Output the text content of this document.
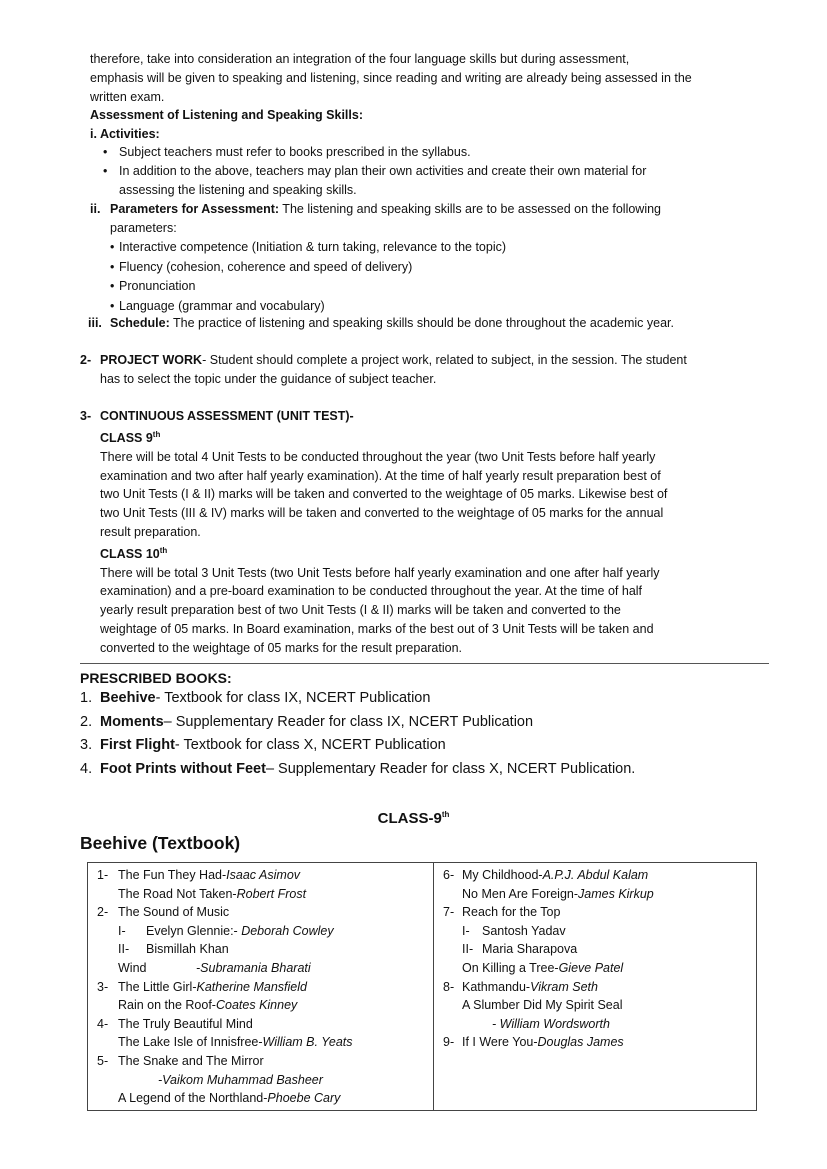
therefore, take into consideration an integration of the four language skills but during assessment,
emphasis will be given to speaking and listening, since reading and writing are already being assessed in the
written exam.
Assessment of Listening and Speaking Skills:
i. Activities:
• Subject teachers must refer to books prescribed in the syllabus.
• In addition to the above, teachers may plan their own activities and create their own material for
assessing the listening and speaking skills.
ii. Parameters for Assessment: The listening and speaking skills are to be assessed on the following
parameters:
• Interactive competence (Initiation & turn taking, relevance to the topic)
• Fluency (cohesion, coherence and speed of delivery)
• Pronunciation
• Language (grammar and vocabulary)
iii. Schedule: The practice of listening and speaking skills should be done throughout the academic year.
2- PROJECT WORK- Student should complete a project work, related to subject, in the session. The student
has to select the topic under the guidance of subject teacher.
3- CONTINUOUS ASSESSMENT (UNIT TEST)-
CLASS 9th
There will be total 4 Unit Tests to be conducted throughout the year (two Unit Tests before half yearly
examination and two after half yearly examination). At the time of half yearly result preparation best of
two Unit Tests (I & II) marks will be taken and converted to the weightage of 05 marks. Likewise best of
two Unit Tests (III & IV) marks will be taken and converted to the weightage of 05 marks for the annual
result preparation.
CLASS 10th
There will be total 3 Unit Tests (two Unit Tests before half yearly examination and one after half yearly
examination) and a pre-board examination to be conducted throughout the year. At the time of half
yearly result preparation best of two Unit Tests (I & II) marks will be taken and converted to the
weightage of 05 marks. In Board examination, marks of the best out of 3 Unit Tests will be taken and
converted to the weightage of 05 marks for the result preparation.
PRESCRIBED BOOKS:
1. Beehive- Textbook for class IX, NCERT Publication
2. Moments– Supplementary Reader for class IX, NCERT Publication
3. First Flight- Textbook for class X, NCERT Publication
4. Foot Prints without Feet– Supplementary Reader for class X, NCERT Publication.
CLASS-9th
Beehive (Textbook)
1- The Fun They Had-Isaac Asimov
The Road Not Taken-Robert Frost
2- The Sound of Music
I- Evelyn Glennie:- Deborah Cowley
II- Bismillah Khan
Wind	-Subramania Bharati
3- The Little Girl-Katherine Mansfield
Rain on the Roof-Coates Kinney
4- The Truly Beautiful Mind
The Lake Isle of Innisfree-William B. Yeats
5- The Snake and The Mirror
-Vaikom Muhammad Basheer
A Legend of the Northland-Phoebe Cary

6- My Childhood-A.P.J. Abdul Kalam
No Men Are Foreign-James Kirkup
7- Reach for the Top
I- Santosh Yadav
II- Maria Sharapova
On Killing a Tree-Gieve Patel
8- Kathmandu-Vikram Seth
A Slumber Did My Spirit Seal
- William Wordsworth
9- If I Were You-Douglas James
